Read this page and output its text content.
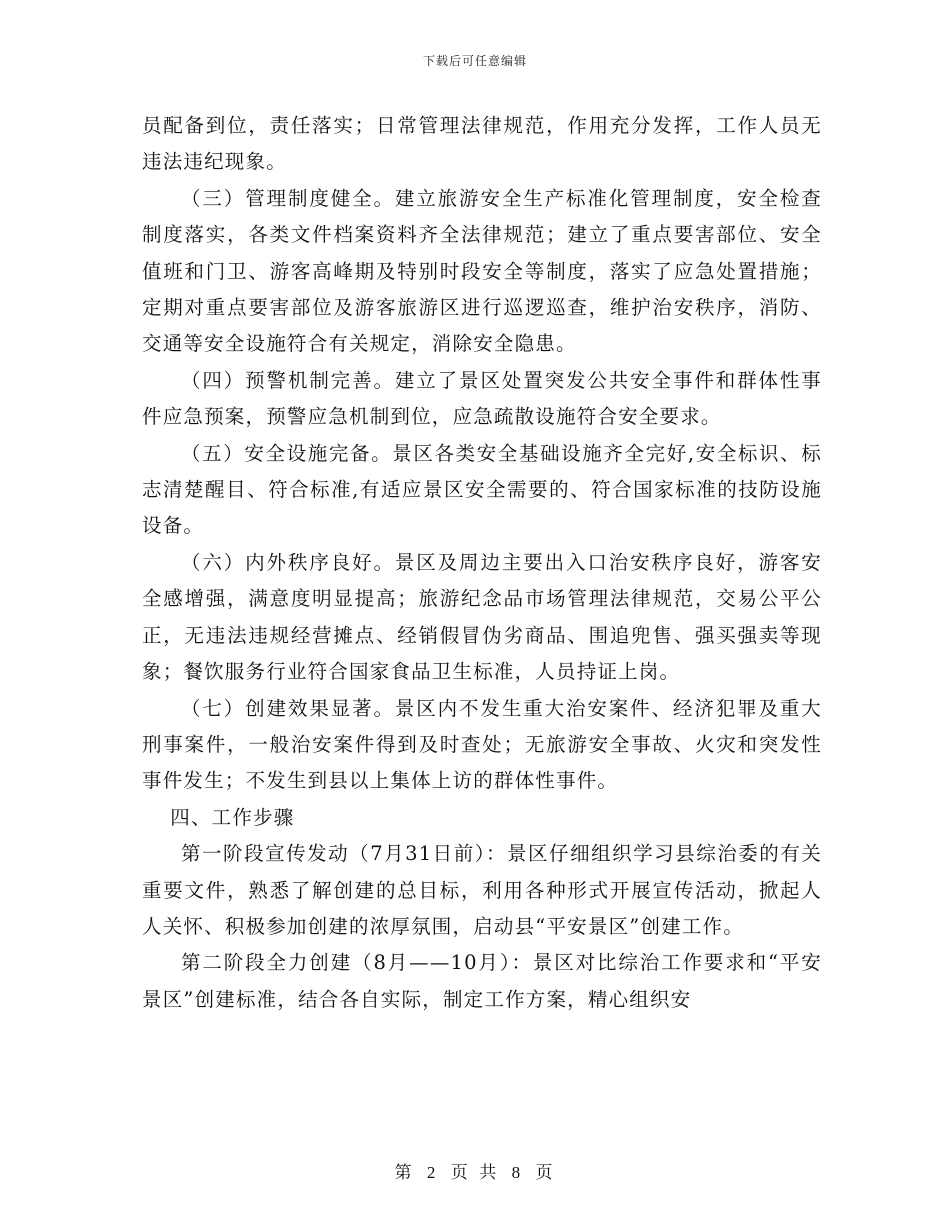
下载后可任意编辑

员配备到位，责任落实；日常管理法律规范，作用充分发挥，工作人员无违法违纪现象。

（三）管理制度健全。建立旅游安全生产标准化管理制度，安全检查制度落实，各类文件档案资料齐全法律规范；建立了重点要害部位、安全值班和门卫、游客高峰期及特别时段安全等制度，落实了应急处置措施；定期对重点要害部位及游客旅游区进行巡逻巡查，维护治安秩序，消防、交通等安全设施符合有关规定，消除安全隐患。

（四）预警机制完善。建立了景区处置突发公共安全事件和群体性事件应急预案，预警应急机制到位，应急疏散设施符合安全要求。

（五）安全设施完备。景区各类安全基础设施齐全完好,安全标识、标志清楚醒目、符合标准,有适应景区安全需要的、符合国家标准的技防设施设备。

（六）内外秩序良好。景区及周边主要出入口治安秩序良好，游客安全感增强，满意度明显提高；旅游纪念品市场管理法律规范，交易公平公正，无违法违规经营摊点、经销假冒伪劣商品、围追兜售、强买强卖等现象；餐饮服务行业符合国家食品卫生标准，人员持证上岗。

（七）创建效果显著。景区内不发生重大治安案件、经济犯罪及重大刑事案件，一般治安案件得到及时查处；无旅游安全事故、火灾和突发性事件发生；不发生到县以上集体上访的群体性事件。

四、工作步骤

第一阶段宣传发动（7月31日前）：景区仔细组织学习县综治委的有关重要文件，熟悉了解创建的总目标，利用各种形式开展宣传活动，掀起人人关怀、积极参加创建的浓厚氛围，启动县“平安景区”创建工作。

第二阶段全力创建（8月——10月）：景区对比综治工作要求和“平安景区”创建标准，结合各自实际，制定工作方案，精心组织安

第 2 页 共 8 页
